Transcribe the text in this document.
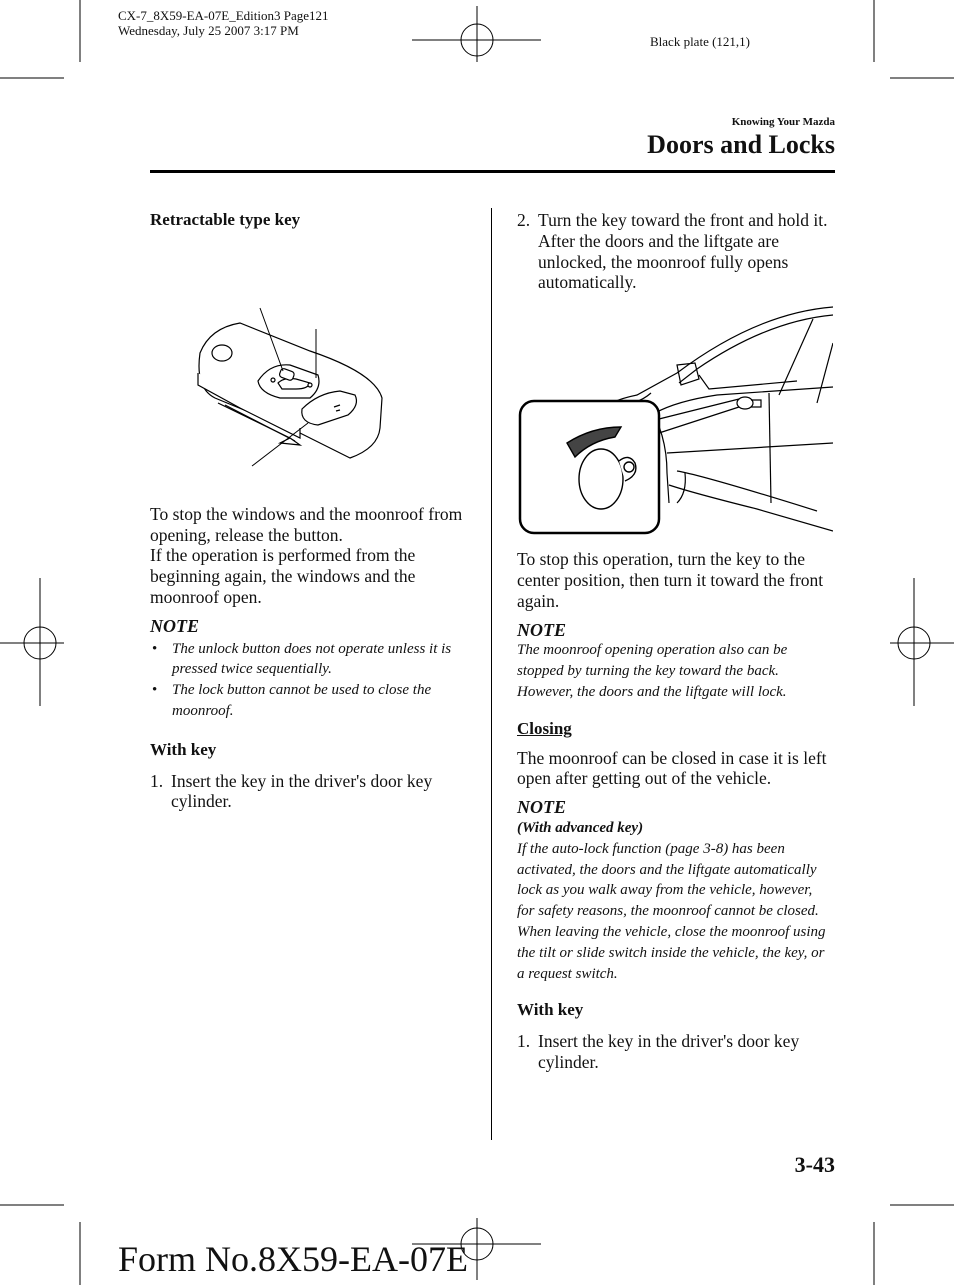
CX-7_8X59-EA-07E_Edition3 Page121
Wednesday, July 25 2007 3:17 PM
Black plate (121,1)
Knowing Your Mazda
Doors and Locks

Retractable type key

To stop the windows and the moonroof from opening, release the button.

If the operation is performed from the beginning again, the windows and the moonroof open.

NOTE

• The unlock button does not operate unless it is pressed twice sequentially.
• The lock button cannot be used to close the moonroof.

With key

1. Insert the key in the driver's door key cylinder.
2. Turn the key toward the front and hold it. After the doors and the liftgate are unlocked, the moonroof fully opens automatically.

To stop this operation, turn the key to the center position, then turn it toward the front again.

NOTE

The moonroof opening operation also can be stopped by turning the key toward the back. However, the doors and the liftgate will lock.

Closing

The moonroof can be closed in case it is left open after getting out of the vehicle.

NOTE

(With advanced key)

If the auto-lock function (page 3-8) has been activated, the doors and the liftgate automatically lock as you walk away from the vehicle, however, for safety reasons, the moonroof cannot be closed. When leaving the vehicle, close the moonroof using the tilt or slide switch inside the vehicle, the key, or a request switch.

With key

1. Insert the key in the driver's door key cylinder.
3-43
Form No.8X59-EA-07E
